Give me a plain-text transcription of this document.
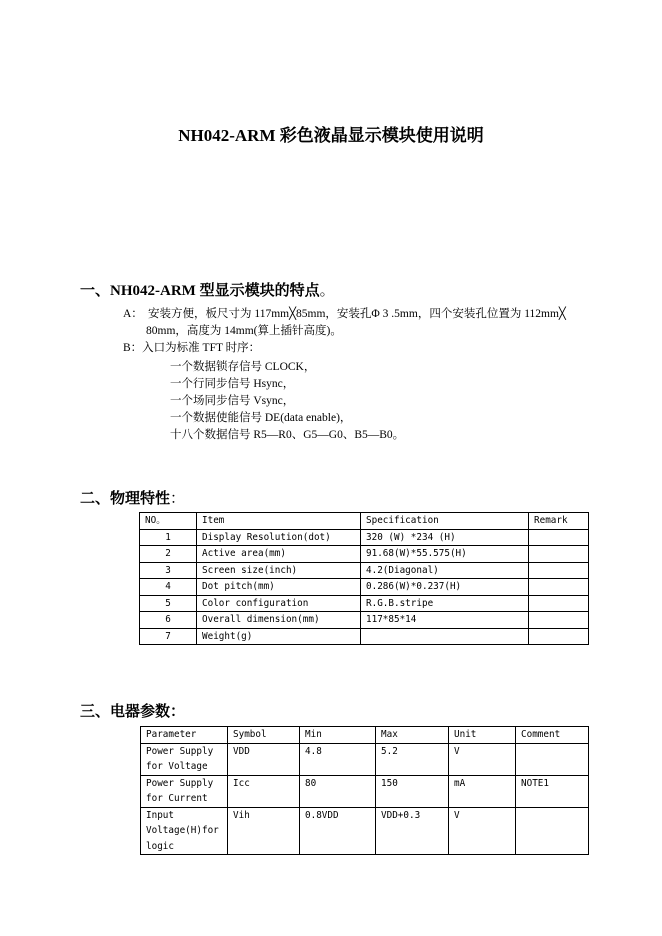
NH042-ARM 彩色液晶显示模块使用说明
一、NH042-ARM 型显示模块的特点。
A： 安装方便，板尺寸为 117mm╳85mm，安装孔Φ 3 .5mm，四个安装孔位置为 112mm╳
80mm，高度为 14mm(算上插针高度)。
B：入口为标准 TFT 时序：
一个数据锁存信号 CLOCK，
一个行同步信号 Hsync，
一个场同步信号 Vsync，
一个数据使能信号 DE(data enable)，
十八个数据信号 R5—R0、G5—G0、B5—B0。
二、物理特性：
NO。	Item	Specification	Remark
1	Display Resolution(dot)	320 (W) *234 (H)	
2	Active area(mm)	91.68(W)*55.575(H)	
3	Screen size(inch)	4.2(Diagonal)	
4	Dot pitch(mm)	0.286(W)*0.237(H)	
5	Color configuration	R.G.B.stripe	
6	Overall dimension(mm)	117*85*14	
7	Weight(g)		
三、电器参数：
Parameter	Symbol	Min	Max	Unit	Comment
Power Supply for Voltage	VDD	4.8	5.2	V	
Power Supply for Current	Icc	80	150	mA	NOTE1
Input Voltage(H)for logic	Vih	0.8VDD	VDD+0.3	V	
